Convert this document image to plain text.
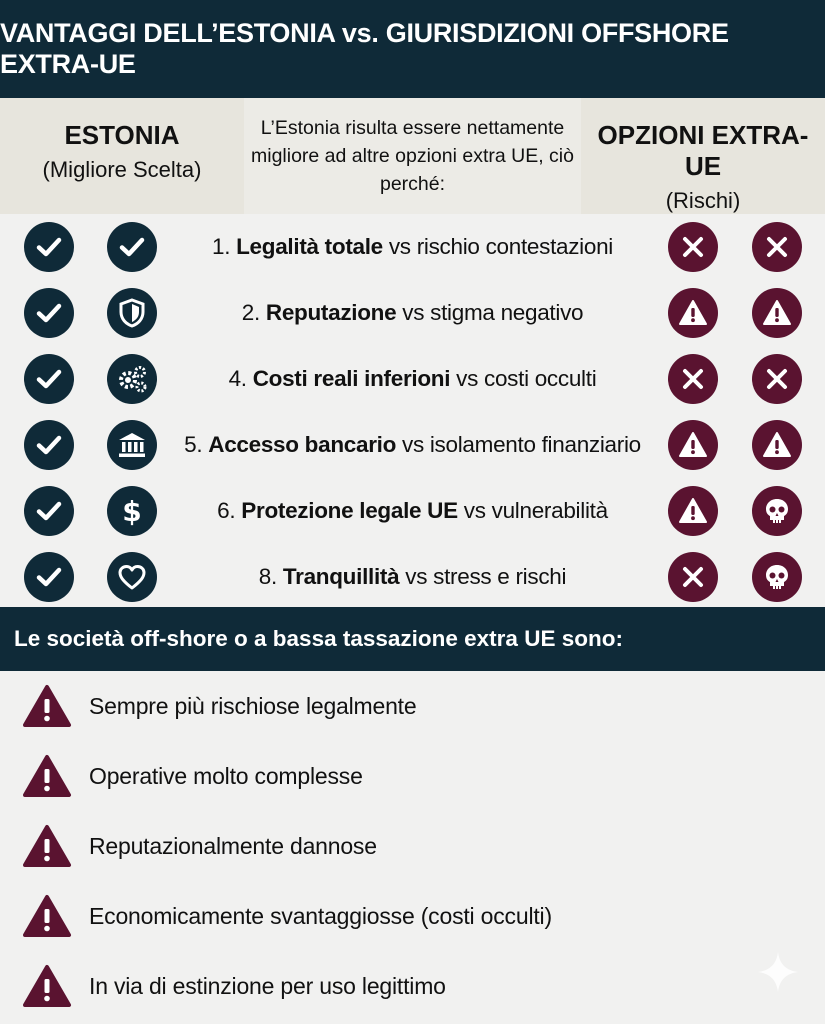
VANTAGGI DELL’ESTONIA vs. GIURISDIZIONI OFFSHORE EXTRA-UE
ESTONIA
(Migliore Scelta)
L’Estonia risulta essere nettamente migliore ad altre opzioni extra UE, ciò perché:
OPZIONI EXTRA-UE
(Rischi)
1.
Legalità totale
vs rischio contestazioni
2.
Reputazione
vs stigma negativo
4.
Costi reali inferioni
vs costi occulti
5.
Accesso bancario
vs isolamento finanziario
$	6.
Protezione legale UE
vs vulnerabilità
8.
Tranquillità
vs stress e rischi
Le società off-shore o a bassa tassazione extra UE sono:
Sempre più rischiose legalmente
Operative molto complesse
Reputazionalmente dannose
Economicamente svantaggiosse (costi occulti)
In via di estinzione per uso legittimo
